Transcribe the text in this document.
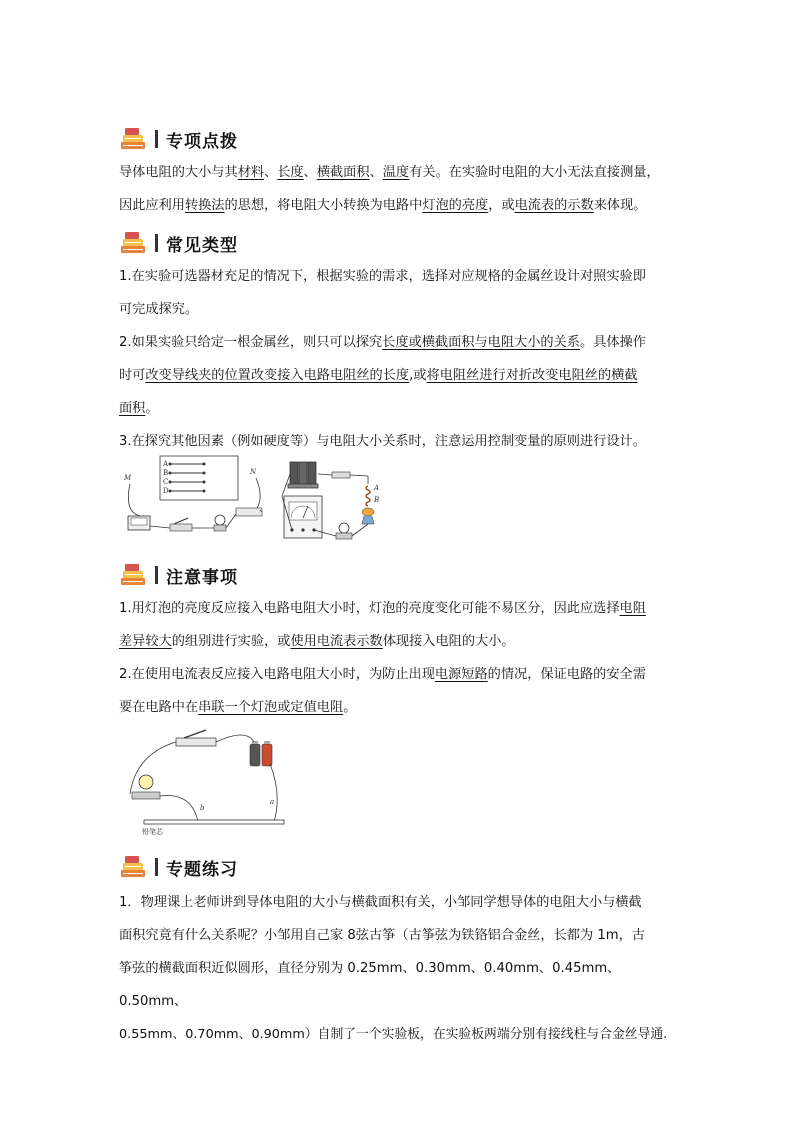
专项点拨
导体电阻的大小与其材料、长度、横截面积、温度有关。在实验时电阻的大小无法直接测量，
因此应利用转换法的思想，将电阻大小转换为电路中灯泡的亮度，或电流表的示数来体现。
常见类型
1.在实验可选器材充足的情况下，根据实验的需求，选择对应规格的金属丝设计对照实验即
可完成探究。
2.如果实验只给定一根金属丝，则只可以探究长度或横截面积与电阻大小的关系。具体操作
时可改变导线夹的位置改变接入电路电阻丝的长度,或将电阻丝进行对折改变电阻丝的横截
面积。
3.在探究其他因素（例如硬度等）与电阻大小关系时，注意运用控制变量的原则进行设计。
A
B
C
D
M
N
A
B
注意事项
1.用灯泡的亮度反应接入电路电阻大小时，灯泡的亮度变化可能不易区分，因此应选择电阻
差异较大的组别进行实验，或使用电流表示数体现接入电阻的大小。
2.在使用电流表反应接入电路电阻大小时，为防止出现电源短路的情况，保证电路的安全需
要在电路中在串联一个灯泡或定值电阻。
b
a
铅笔芯
专题练习
1．物理课上老师讲到导体电阻的大小与横截面积有关，小邹同学想导体的电阻大小与横截
面积究竟有什么关系呢？小邹用自己家 8弦古筝（古筝弦为铁铬铝合金丝，长都为 1m，古
筝弦的横截面积近似圆形，直径分别为 0.25mm、0.30mm、0.40mm、0.45mm、0.50mm、
0.55mm、0.70mm、0.90mm）自制了一个实验板，在实验板两端分别有接线柱与合金丝导通.
